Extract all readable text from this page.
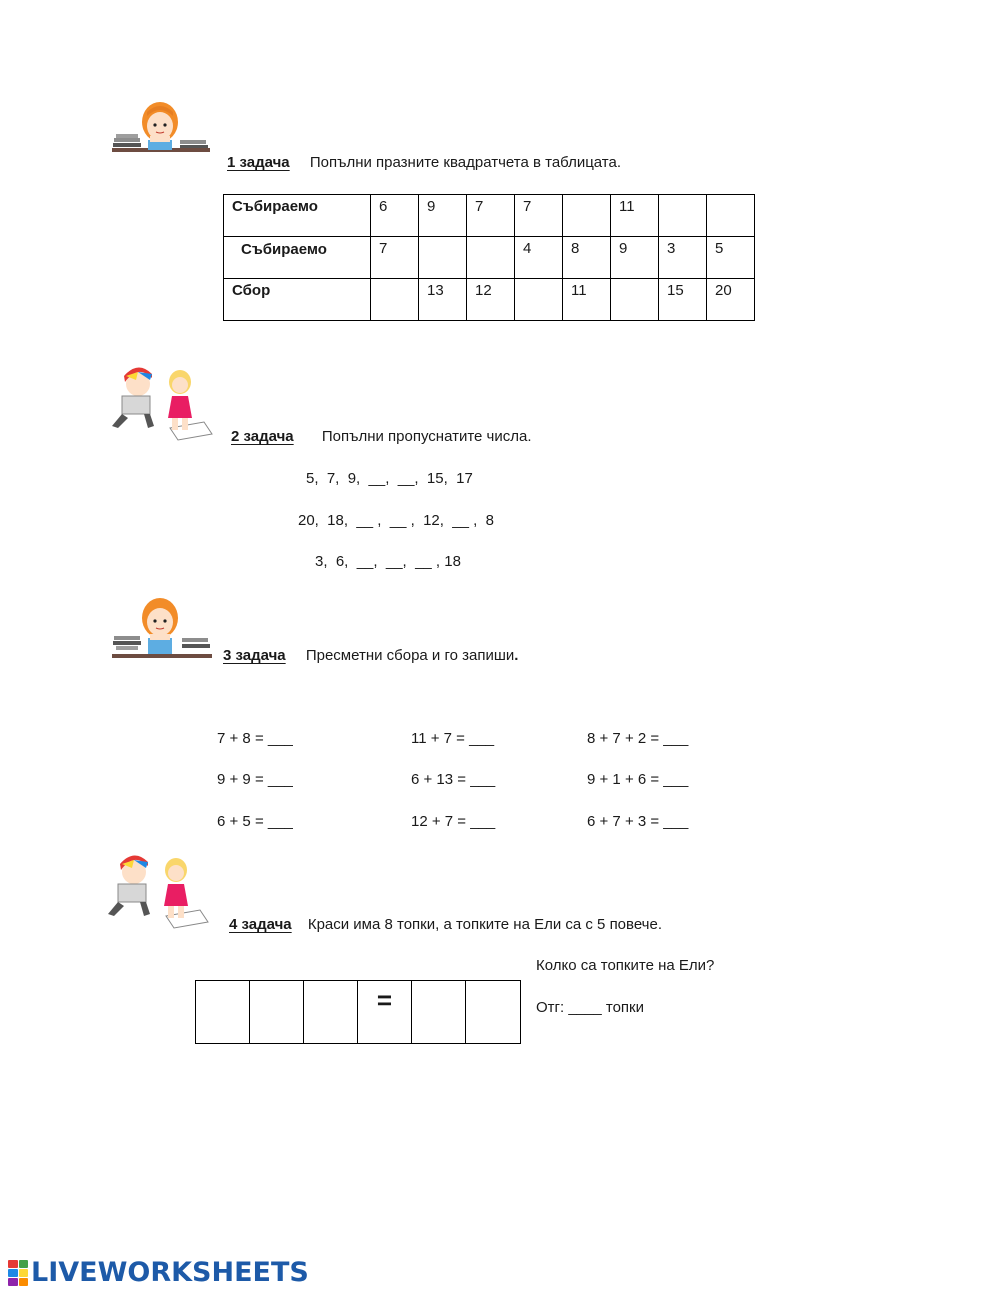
1 задача Попълни празните квадратчета в таблицата.
Събираемо	6	9	7	7		11		
Събираемо	7			4	8	9	3	5
Сбор		13	12		11		15	20
2 задача Попълни пропуснатите числа.
5,  7,  9,  __,  __,  15,  17
20,  18,  __ ,  __ ,  12,  __ ,  8
3,  6,  __,  __,  __ , 18
3 задача Пресметни сбора и го запиши.
7 + 8 = ___
9 + 9 = ___
6 + 5 = ___
11 + 7 = ___
6 + 13 = ___
12 + 7 = ___
8 + 7 + 2 = ___
9 + 1 + 6 = ___
6 + 7 + 3 = ___
4 задача Краси има 8 топки, а топките на Ели са с 5 повече.
Колко са топките на Ели?
Отг: ____ топки
=
LIVEWORKSHEETS
